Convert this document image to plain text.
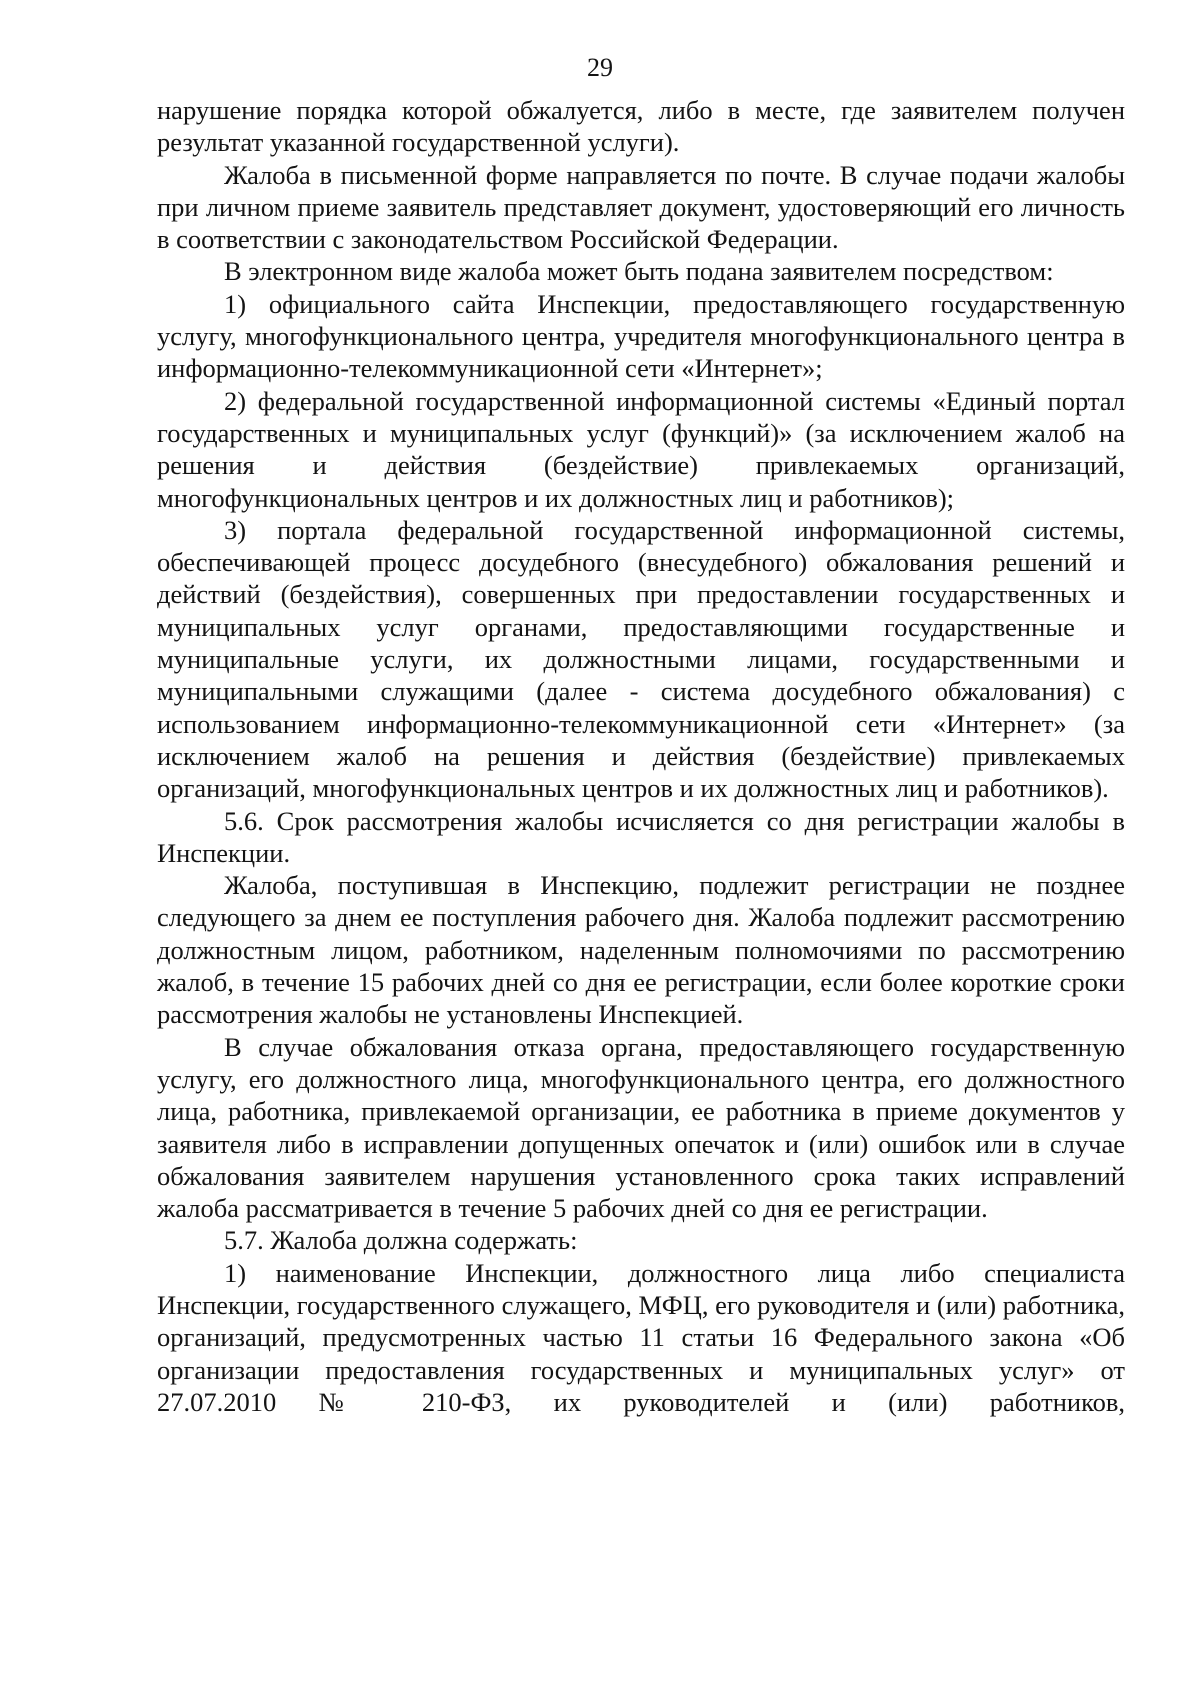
29

нарушение порядка которой обжалуется, либо в месте, где заявителем получен результат указанной государственной услуги).

Жалоба в письменной форме направляется по почте. В случае подачи жалобы при личном приеме заявитель представляет документ, удостоверяющий его личность в соответствии с законодательством Российской Федерации.

В электронном виде жалоба может быть подана заявителем посредством:

1) официального сайта Инспекции, предоставляющего государственную услугу, многофункционального центра, учредителя многофункционального центра в информационно-телекоммуникационной сети «Интернет»;

2) федеральной государственной информационной системы «Единый портал государственных и муниципальных услуг (функций)» (за исключением жалоб на решения и действия (бездействие) привлекаемых организаций, многофункциональных центров и их должностных лиц и работников);

3) портала федеральной государственной информационной системы, обеспечивающей процесс досудебного (внесудебного) обжалования решений и действий (бездействия), совершенных при предоставлении государственных и муниципальных услуг органами, предоставляющими государственные и муниципальные услуги, их должностными лицами, государственными и муниципальными служащими (далее - система досудебного обжалования) с использованием информационно-телекоммуникационной сети «Интернет» (за исключением жалоб на решения и действия (бездействие) привлекаемых организаций, многофункциональных центров и их должностных лиц и работников).

5.6. Срок рассмотрения жалобы исчисляется со дня регистрации жалобы в Инспекции.

Жалоба, поступившая в Инспекцию, подлежит регистрации не позднее следующего за днем ее поступления рабочего дня. Жалоба подлежит рассмотрению должностным лицом, работником, наделенным полномочиями по рассмотрению жалоб, в течение 15 рабочих дней со дня ее регистрации, если более короткие сроки рассмотрения жалобы не установлены Инспекцией.

В случае обжалования отказа органа, предоставляющего государственную услугу, его должностного лица, многофункционального центра, его должностного лица, работника, привлекаемой организации, ее работника в приеме документов у заявителя либо в исправлении допущенных опечаток и (или) ошибок или в случае обжалования заявителем нарушения установленного срока таких исправлений жалоба рассматривается в течение 5 рабочих дней со дня ее регистрации.

5.7. Жалоба должна содержать:

1) наименование Инспекции, должностного лица либо специалиста Инспекции, государственного служащего, МФЦ, его руководителя и (или) работника, организаций, предусмотренных частью 11 статьи 16 Федерального закона «Об организации предоставления государственных и муниципальных услуг» от 27.07.2010 № 210-ФЗ, их руководителей и (или) работников,
